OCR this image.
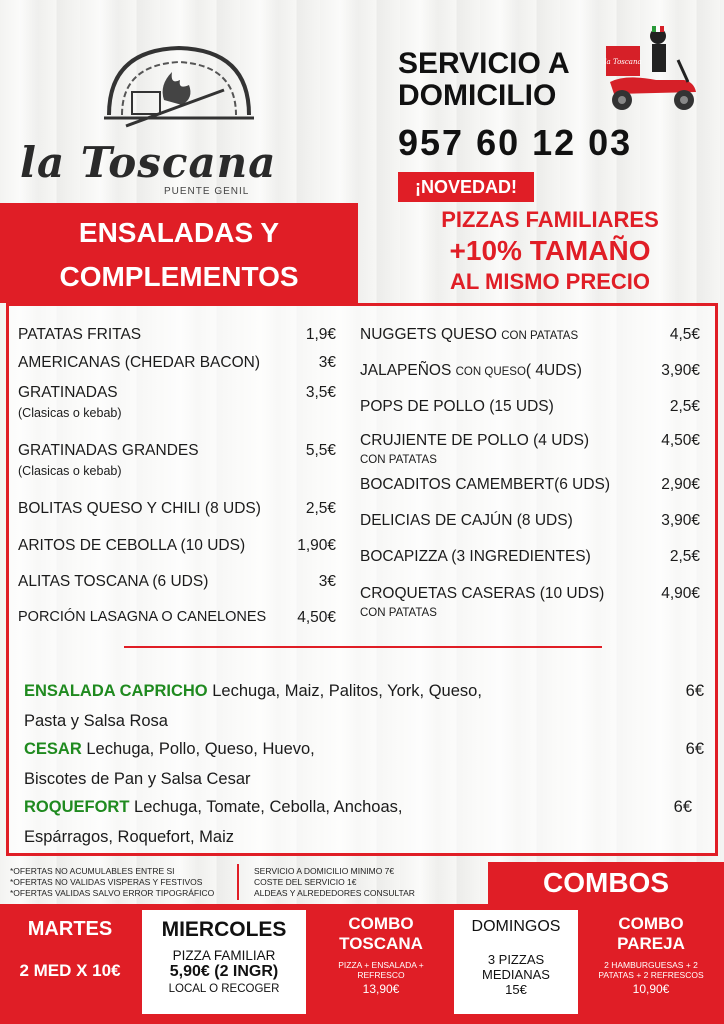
la Toscana
PUENTE GENIL
SERVICIO A
DOMICILIO
957 60 12 03
la Toscana
¡NOVEDAD!
PIZZAS FAMILIARES
+10% TAMAÑO
AL MISMO PRECIO
ENSALADAS Y
COMPLEMENTOS
PATATAS FRITAS	1,9€
AMERICANAS (CHEDAR BACON)	3€
GRATINADAS
(Clasicas o kebab)
3,5€
GRATINADAS GRANDES
(Clasicas o kebab)
5,5€
BOLITAS QUESO Y CHILI (8 UDS)	2,5€
ARITOS DE CEBOLLA (10 UDS)	1,90€
ALITAS TOSCANA (6 UDS)	3€
PORCIÓN LASAGNA O CANELONES	4,50€
NUGGETS QUESO CON PATATAS	4,5€
JALAPEÑOS CON QUESO( 4UDS)	3,90€
POPS DE POLLO (15 UDS)	2,5€
CRUJIENTE DE POLLO (4 UDS)
CON PATATAS
4,50€
BOCADITOS CAMEMBERT(6 UDS)	2,90€
DELICIAS DE CAJÚN (8 UDS)	3,90€
BOCAPIZZA (3 INGREDIENTES)	2,5€
CROQUETAS CASERAS (10 UDS)
CON PATATAS
4,90€
ENSALADA CAPRICHO Lechuga, Maiz, Palitos, York, Queso,
Pasta y Salsa Rosa
6€
CESAR Lechuga, Pollo, Queso, Huevo,
Biscotes de Pan y Salsa Cesar
6€
ROQUEFORT Lechuga, Tomate, Cebolla, Anchoas,
Espárragos, Roquefort, Maiz
6€
*OFERTAS NO ACUMULABLES ENTRE SI
*OFERTAS NO VALIDAS VISPERAS Y FESTIVOS
*OFERTAS VALIDAS SALVO ERROR TIPOGRÁFICO
SERVICIO A DOMICILIO MINIMO 7€
COSTE DEL SERVICIO 1€
ALDEAS Y ALREDEDORES CONSULTAR	COMBOS
MARTES
2 MED X 10€
MIERCOLES
PIZZA FAMILIAR
5,90€ (2 INGR)
LOCAL O RECOGER
COMBO TOSCANA
PIZZA + ENSALADA +
REFRESCO
13,90€
DOMINGOS
3 PIZZAS
MEDIANAS
15€
COMBO PAREJA
2 HAMBURGUESAS + 2
PATATAS + 2 REFRESCOS
10,90€
